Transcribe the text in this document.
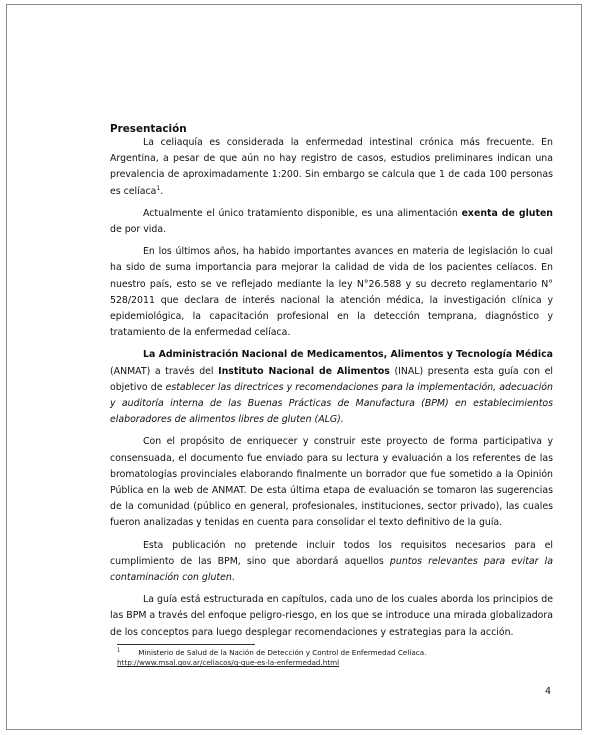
Presentación

La celiaquía es considerada la enfermedad intestinal crónica más frecuente. En Argentina, a pesar de que aún no hay registro de casos, estudios preliminares indican una prevalencia de aproximadamente 1:200. Sin embargo se calcula que 1 de cada 100 personas es celíaca$^1$.

Actualmente el único tratamiento disponible, es una alimentación exenta de gluten de por vida.

En los últimos años, ha habido importantes avances en materia de legislación lo cual ha sido de suma importancia para mejorar la calidad de vida de los pacientes celíacos. En nuestro país, esto se ve reflejado mediante la ley N°26.588 y su decreto reglamentario N° 528/2011 que declara de interés nacional la atención médica, la investigación clínica y epidemiológica, la capacitación profesional en la detección temprana, diagnóstico y tratamiento de la enfermedad celíaca.

La Administración Nacional de Medicamentos, Alimentos y Tecnología Médica (ANMAT) a través del Instituto Nacional de Alimentos (INAL) presenta esta guía con el objetivo de establecer las directrices y recomendaciones para la implementación, adecuación y auditoría interna de las Buenas Prácticas de Manufactura (BPM) en establecimientos elaboradores de alimentos libres de gluten (ALG).

Con el propósito de enriquecer y construir este proyecto de forma participativa y consensuada, el documento fue enviado para su lectura y evaluación a los referentes de las bromatologías provinciales elaborando finalmente un borrador que fue sometido a la Opinión Pública en la web de ANMAT. De esta última etapa de evaluación se tomaron las sugerencias de la comunidad (público en general, profesionales, instituciones, sector privado), las cuales fueron analizadas y tenidas en cuenta para consolidar el texto definitivo de la guía.

Esta publicación no pretende incluir todos los requisitos necesarios para el cumplimiento de las BPM, sino que abordará aquellos puntos relevantes para evitar la contaminación con gluten.

La guía está estructurada en capítulos, cada uno de los cuales aborda los principios de las BPM a través del enfoque peligro-riesgo, en los que se introduce una mirada globalizadora de los conceptos para luego desplegar recomendaciones y estrategias para la acción.

$^1$	Ministerio de Salud de la Nación de Detección y Control de Enfermedad Celíaca.
http://www.msal.gov.ar/celiacos/q-que-es-la-enfermedad.html
4
